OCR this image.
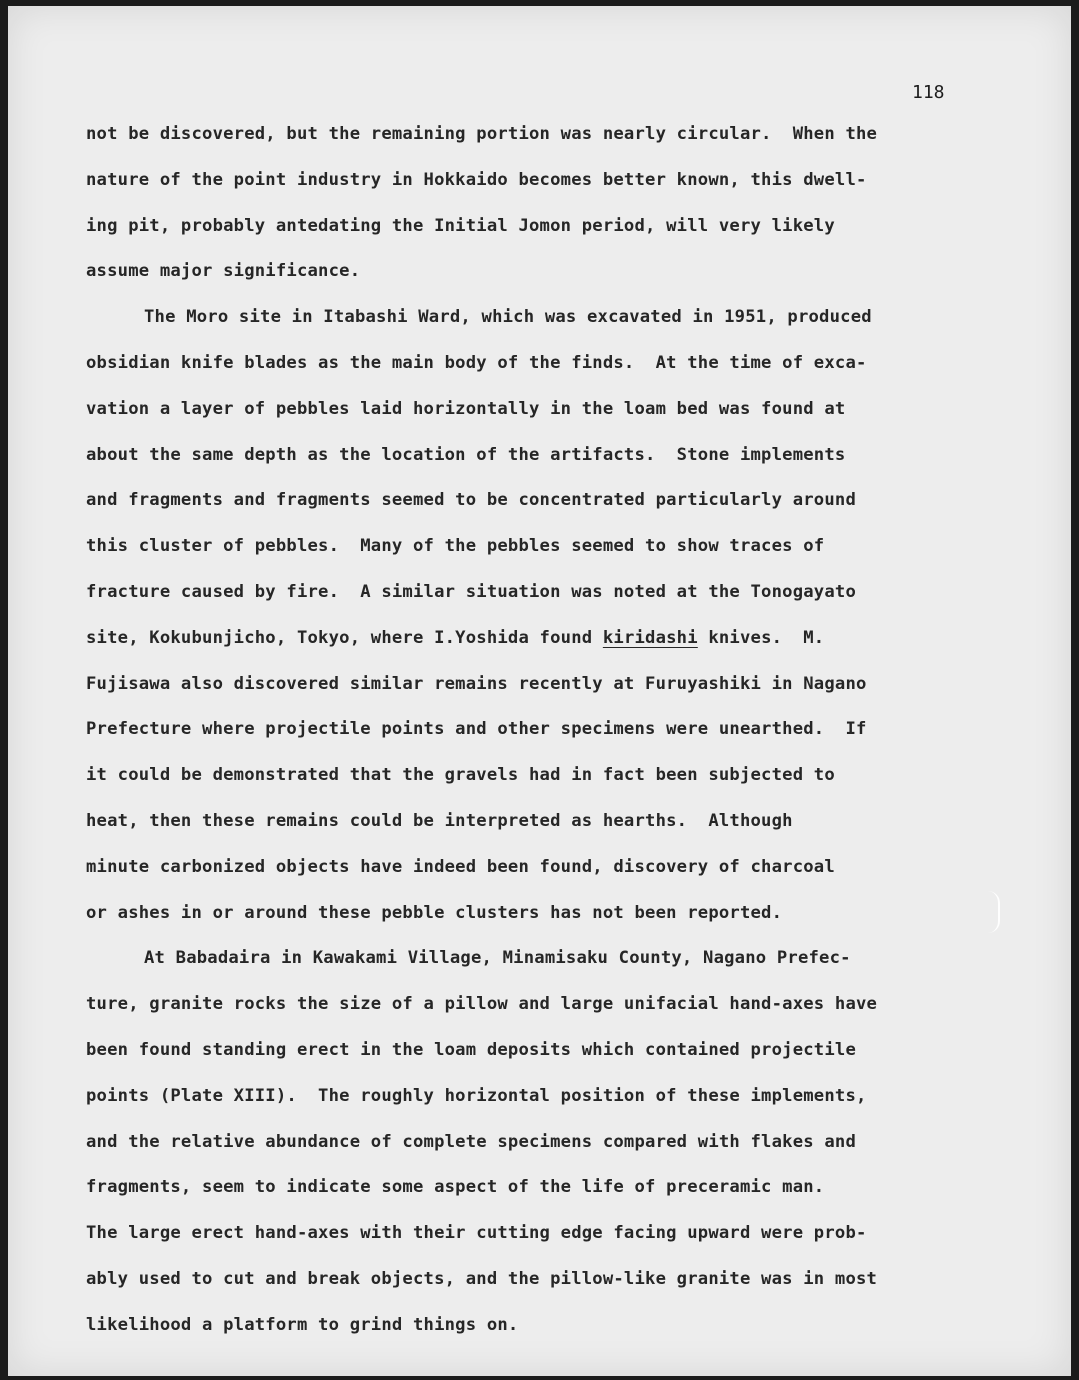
118
not be discovered, but the remaining portion was nearly circular.  When the
nature of the point industry in Hokkaido becomes better known, this dwell-
ing pit, probably antedating the Initial Jomon period, will very likely
assume major significance.
The Moro site in Itabashi Ward, which was excavated in 1951, produced
obsidian knife blades as the main body of the finds.  At the time of exca-
vation a layer of pebbles laid horizontally in the loam bed was found at
about the same depth as the location of the artifacts.  Stone implements
and fragments and fragments seemed to be concentrated particularly around
this cluster of pebbles.  Many of the pebbles seemed to show traces of
fracture caused by fire.  A similar situation was noted at the Tonogayato
site, Kokubunjicho, Tokyo, where I.Yoshida found kiridashi knives.  M.
Fujisawa also discovered similar remains recently at Furuyashiki in Nagano
Prefecture where projectile points and other specimens were unearthed.  If
it could be demonstrated that the gravels had in fact been subjected to
heat, then these remains could be interpreted as hearths.  Although
minute carbonized objects have indeed been found, discovery of charcoal
or ashes in or around these pebble clusters has not been reported.
At Babadaira in Kawakami Village, Minamisaku County, Nagano Prefec-
ture, granite rocks the size of a pillow and large unifacial hand-axes have
been found standing erect in the loam deposits which contained projectile
points (Plate XIII).  The roughly horizontal position of these implements,
and the relative abundance of complete specimens compared with flakes and
fragments, seem to indicate some aspect of the life of preceramic man.
The large erect hand-axes with their cutting edge facing upward were prob-
ably used to cut and break objects, and the pillow-like granite was in most
likelihood a platform to grind things on.
